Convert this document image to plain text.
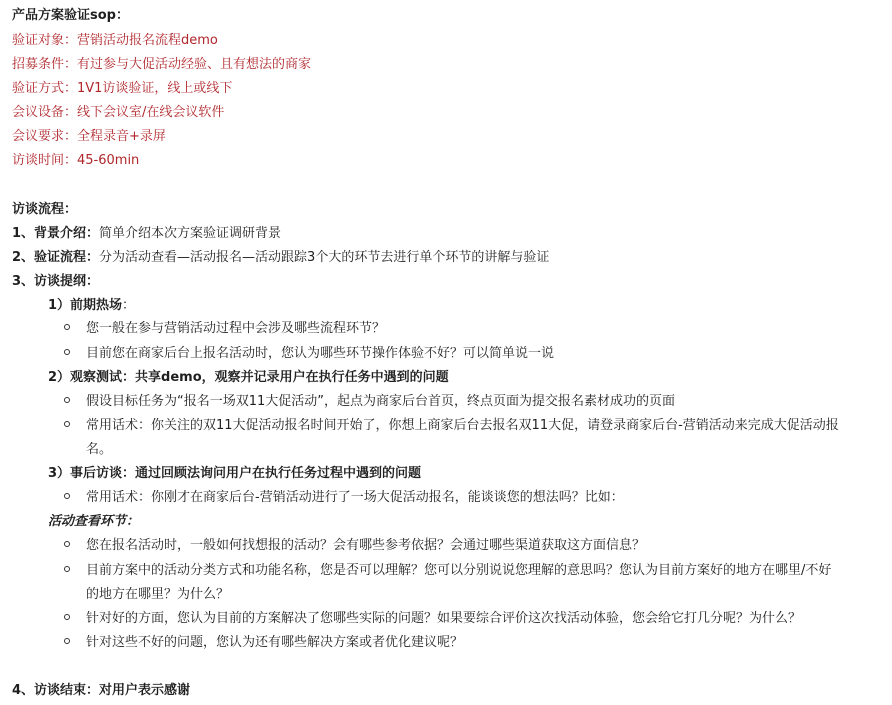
产品方案验证sop：
验证对象：营销活动报名流程demo
招募条件：有过参与大促活动经验、且有想法的商家
验证方式：1V1访谈验证，线上或线下
会议设备：线下会议室/在线会议软件
会议要求：全程录音+录屏
访谈时间：45-60min
访谈流程：
1、背景介绍：简单介绍本次方案验证调研背景
2、验证流程：分为活动查看—活动报名—活动跟踪3个大的环节去进行单个环节的讲解与验证
3、访谈提纲：
1）前期热场：
您一般在参与营销活动过程中会涉及哪些流程环节？
目前您在商家后台上报名活动时，您认为哪些环节操作体验不好？可以简单说一说
2）观察测试：共享demo，观察并记录用户在执行任务中遇到的问题
假设目标任务为“报名一场双11大促活动”，起点为商家后台首页，终点页面为提交报名素材成功的页面
常用话术：你关注的双11大促活动报名时间开始了，你想上商家后台去报名双11大促，请登录商家后台-营销活动来完成大促活动报
名。
3）事后访谈：通过回顾法询问用户在执行任务过程中遇到的问题
常用话术：你刚才在商家后台-营销活动进行了一场大促活动报名，能谈谈您的想法吗？比如：
活动查看环节：
您在报名活动时，一般如何找想报的活动？会有哪些参考依据？会通过哪些渠道获取这方面信息？
目前方案中的活动分类方式和功能名称，您是否可以理解？您可以分别说说您理解的意思吗？您认为目前方案好的地方在哪里/不好
的地方在哪里？为什么？
针对好的方面，您认为目前的方案解决了您哪些实际的问题？如果要综合评价这次找活动体验，您会给它打几分呢？为什么？
针对这些不好的问题，您认为还有哪些解决方案或者优化建议呢？
4、访谈结束：对用户表示感谢
